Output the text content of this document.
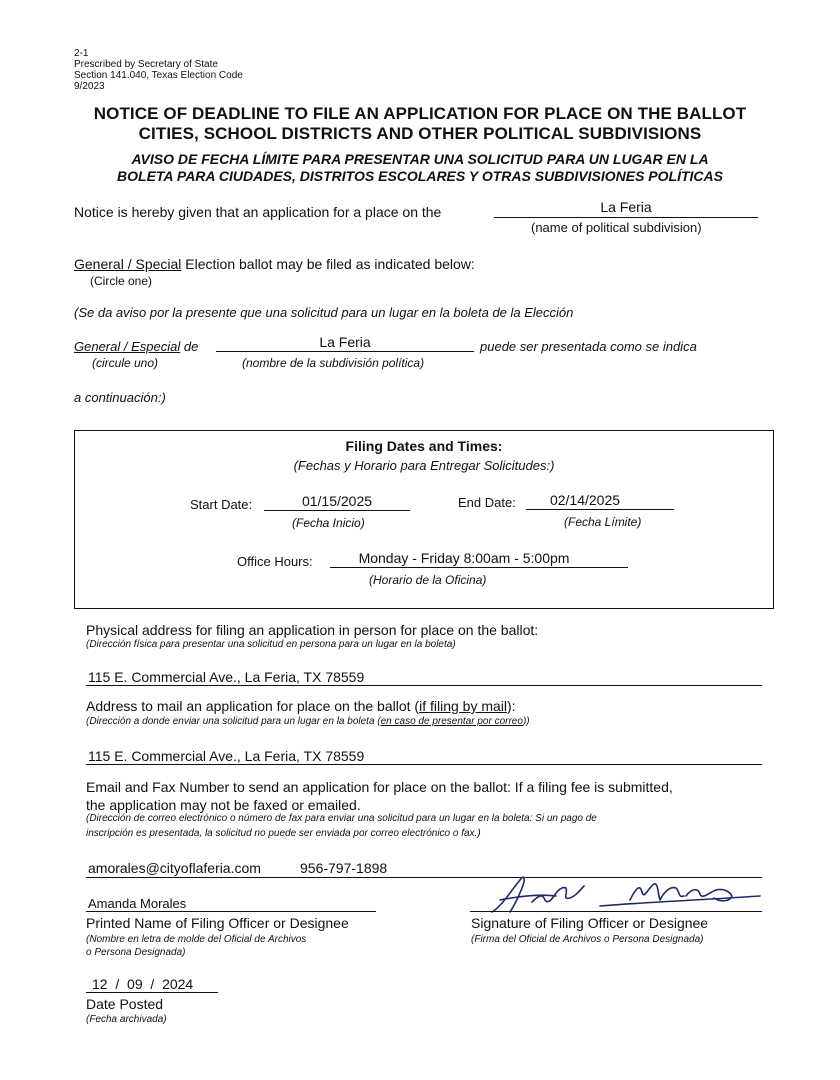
2-1
Prescribed by Secretary of State
Section 141.040, Texas Election Code
9/2023
NOTICE OF DEADLINE TO FILE AN APPLICATION FOR PLACE ON THE BALLOT
CITIES, SCHOOL DISTRICTS AND OTHER POLITICAL SUBDIVISIONS
AVISO DE FECHA LÍMITE PARA PRESENTAR UNA SOLICITUD PARA UN LUGAR EN LA
BOLETA PARA CIUDADES, DISTRITOS ESCOLARES Y OTRAS SUBDIVISIONES POLÍTICAS
Notice is hereby given that an application for a place on the	La Feria
(name of political subdivision)
General / Special Election ballot may be filed as indicated below:
(Circle one)
(Se da aviso por la presente que una solicitud para un lugar en la boleta de la Elección
General / Especial de	La Feria	puede ser presentada como se indica
(circule uno)	(nombre de la subdivisión política)
a continuación:)
Filing Dates and Times:
(Fechas y Horario para Entregar Solicitudes:)
Start Date:	01/15/2025
(Fecha Inicio)
End Date:	02/14/2025
(Fecha Límite)
Office Hours:	Monday - Friday 8:00am - 5:00pm
(Horario de la Oficina)
Physical address for filing an application in person for place on the ballot:
(Dirección física para presentar una solicitud en persona para un lugar en la boleta)
115 E. Commercial Ave., La Feria, TX 78559
Address to mail an application for place on the ballot (if filing by mail):
(Dirección a donde enviar una solicitud para un lugar en la boleta (en caso de presentar por correo))
115 E. Commercial Ave., La Feria, TX 78559
Email and Fax Number to send an application for place on the ballot: If a filing fee is submitted,
the application may not be faxed or emailed.
(Dirección de correo electrónico o número de fax para enviar una solicitud para un lugar en la boleta: Si un pago de
inscripción es presentada, la solicitud no puede ser enviada por correo electrónico o fax.)
amorales@cityoflaferia.com	956-797-1898
Amanda Morales
Printed Name of Filing Officer or Designee
(Nombre en letra de molde del Oficial de Archivos
o Persona Designada)
Signature of Filing Officer or Designee
(Firma del Oficial de Archivos o Persona Designada)
12 / 09 / 2024
Date Posted
(Fecha archivada)
